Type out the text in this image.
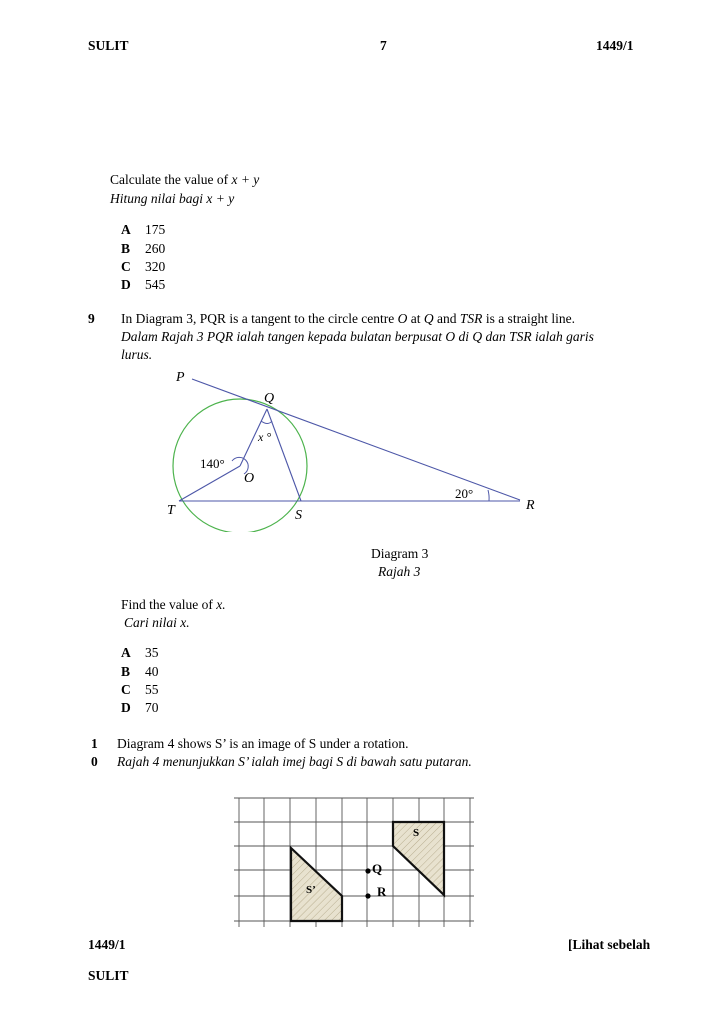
SULIT	7	1449/1
Calculate the value of x + y
Hitung nilai bagi x + y
A 175
B 260
C 320
D 545
9 In Diagram 3, PQR is a tangent to the circle centre O at Q and TSR is a straight line.
Dalam Rajah 3 PQR ialah tangen kepada bulatan berpusat O di Q dan TSR ialah garis
lurus.
P
Q
O
T	S
R
x °
140°
20°
Diagram 3
Rajah 3
Find the value of x.
Cari nilai x.
A 35
B 40
C 55
D 70
1
0
Diagram 4 shows S’ is an image of S under a rotation.
Rajah 4 menunjukkan S’ ialah imej bagi S di bawah satu putaran.
S
S’
Q
R
1449/1	[Lihat sebelah
SULIT
